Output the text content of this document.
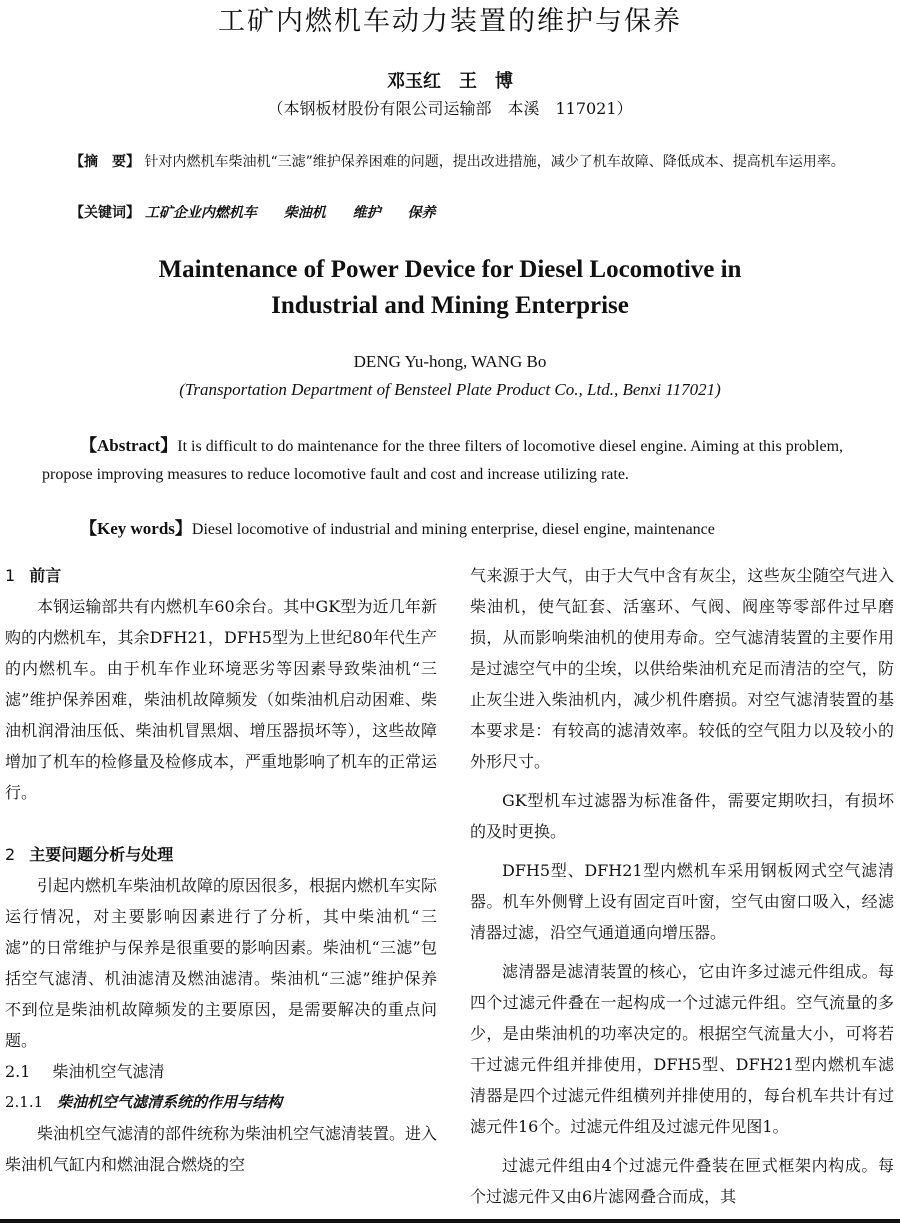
工矿内燃机车动力装置的维护与保养
邓玉红　王　博
（本钢板材股份有限公司运输部　本溪　117021）
【摘　要】 针对内燃机车柴油机“三滤”维护保养困难的问题，提出改进措施，减少了机车故障、降低成本、提高机车运用率。
【关键词】 工矿企业内燃机车 柴油机 维护 保养
Maintenance of Power Device for Diesel Locomotive in
Industrial and Mining Enterprise
DENG Yu-hong, WANG Bo
(Transportation Department of Bensteel Plate Product Co., Ltd., Benxi 117021)
【Abstract】It is difficult to do maintenance for the three filters of locomotive diesel engine. Aiming at this problem, propose improving measures to reduce locomotive fault and cost and increase utilizing rate.
【Key words】Diesel locomotive of industrial and mining enterprise, diesel engine, maintenance
1 前言

本钢运输部共有内燃机车60余台。其中GK型为近几年新购的内燃机车，其余DFH21，DFH5型为上世纪80年代生产的内燃机车。由于机车作业环境恶劣等因素导致柴油机“三滤”维护保养困难，柴油机故障频发（如柴油机启动困难、柴油机润滑油压低、柴油机冒黑烟、增压器损坏等），这些故障增加了机车的检修量及检修成本，严重地影响了机车的正常运行。

2 主要问题分析与处理

引起内燃机车柴油机故障的原因很多，根据内燃机车实际运行情况，对主要影响因素进行了分析，其中柴油机“三滤”的日常维护与保养是很重要的影响因素。柴油机“三滤”包括空气滤清、机油滤清及燃油滤清。柴油机“三滤”维护保养不到位是柴油机故障频发的主要原因，是需要解决的重点问题。

2.1 柴油机空气滤清
2.1.1 柴油机空气滤清系统的作用与结构

柴油机空气滤清的部件统称为柴油机空气滤清装置。进入柴油机气缸内和燃油混合燃烧的空

气来源于大气，由于大气中含有灰尘，这些灰尘随空气进入柴油机，使气缸套、活塞环、气阀、阀座等零部件过早磨损，从而影响柴油机的使用寿命。空气滤清装置的主要作用是过滤空气中的尘埃，以供给柴油机充足而清洁的空气，防止灰尘进入柴油机内，减少机件磨损。对空气滤清装置的基本要求是：有较高的滤清效率。较低的空气阻力以及较小的外形尺寸。

GK型机车过滤器为标准备件，需要定期吹扫，有损坏的及时更换。

DFH5型、DFH21型内燃机车采用钢板网式空气滤清器。机车外侧臂上设有固定百叶窗，空气由窗口吸入，经滤清器过滤，沿空气通道通向增压器。

滤清器是滤清装置的核心，它由许多过滤元件组成。每四个过滤元件叠在一起构成一个过滤元件组。空气流量的多少，是由柴油机的功率决定的。根据空气流量大小，可将若干过滤元件组并排使用，DFH5型、DFH21型内燃机车滤清器是四个过滤元件组横列并排使用的，每台机车共计有过滤元件16个。过滤元件组及过滤元件见图1。

过滤元件组由4个过滤元件叠装在匣式框架内构成。每个过滤元件又由6片滤网叠合而成，其
